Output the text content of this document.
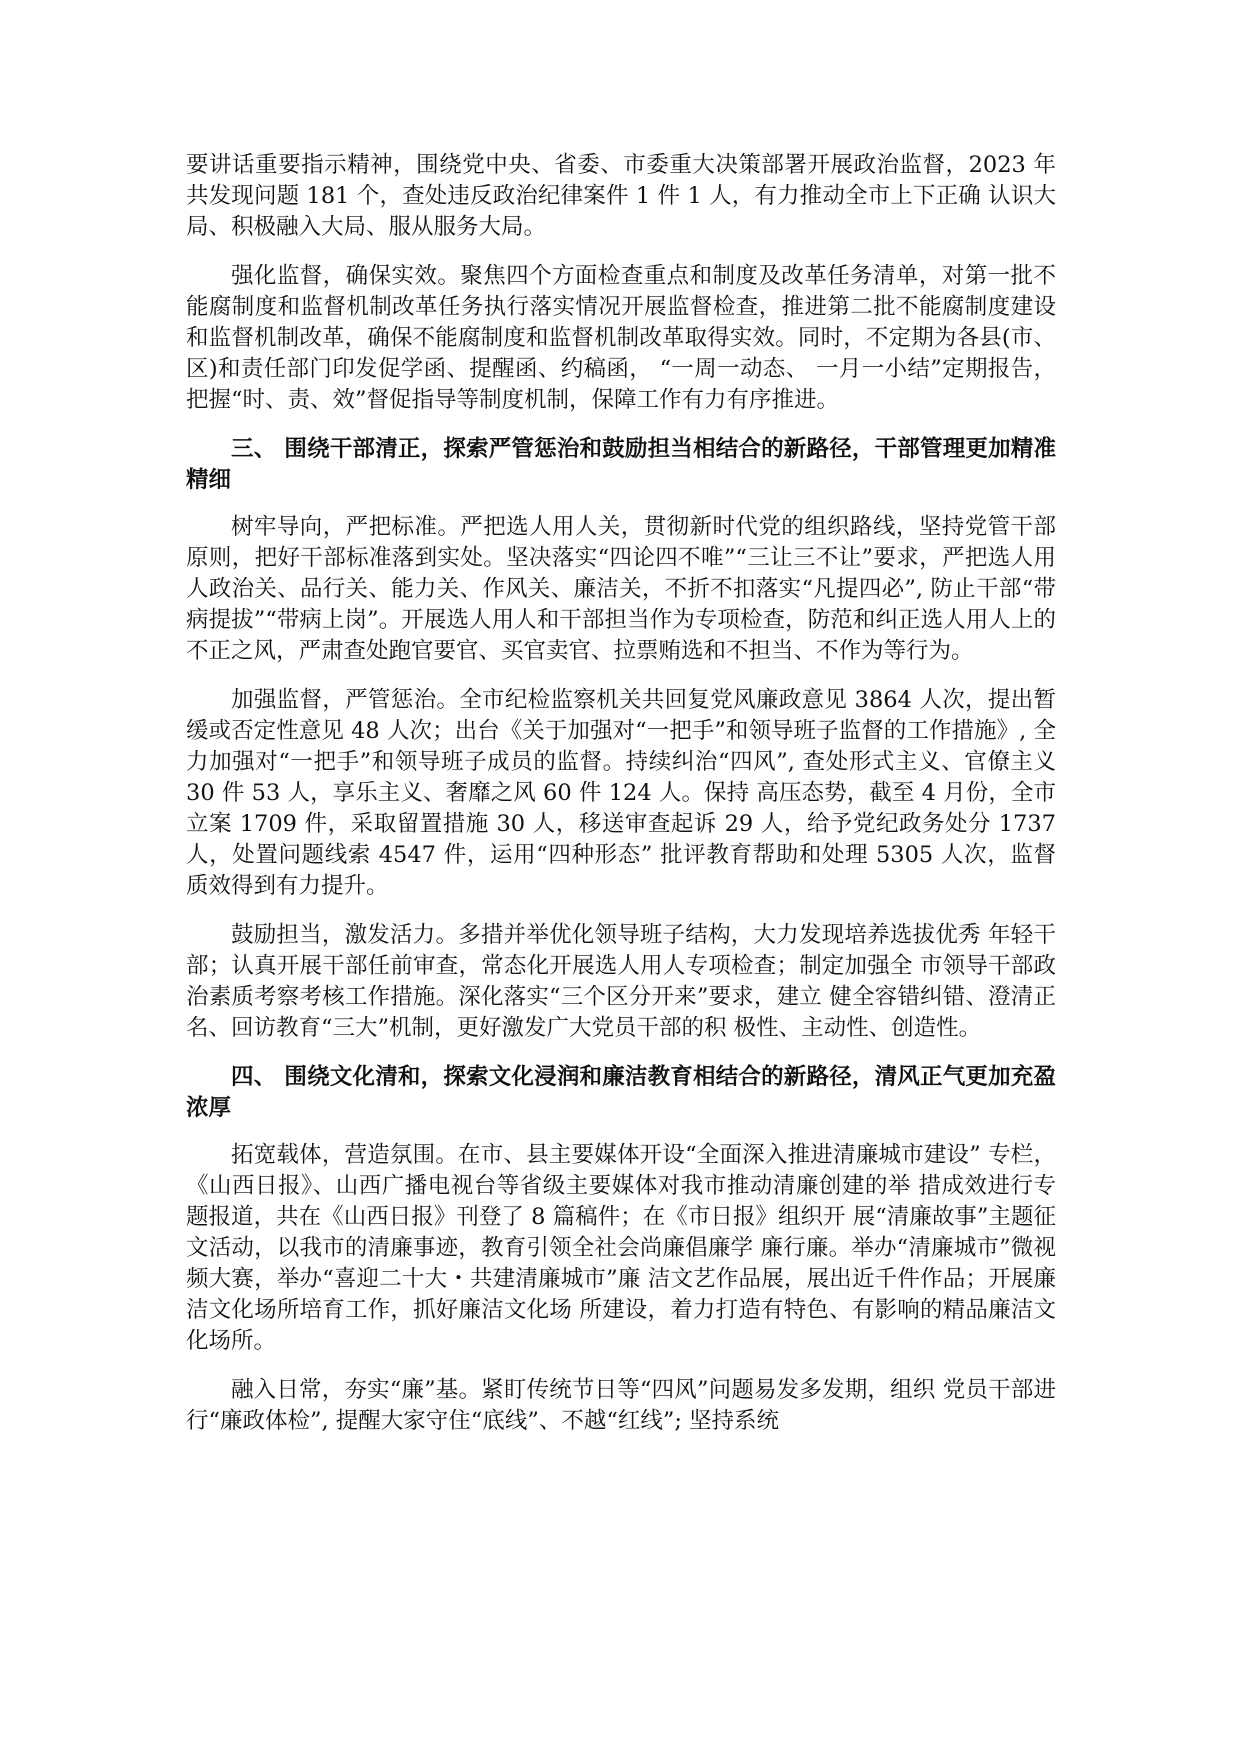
要讲话重要指示精神，围绕党中央、省委、市委重大决策部署开展政治监督，2023 年共发现问题 181 个，查处违反政治纪律案件 1 件 1 人，有力推动全市上下正确 认识大局、积极融入大局、服从服务大局。

强化监督，确保实效。聚焦四个方面检查重点和制度及改革任务清单，对第一批不能腐制度和监督机制改革任务执行落实情况开展监督检查，推进第二批不能腐制度建设和监督机制改革，确保不能腐制度和监督机制改革取得实效。同时，不定期为各县(市、区)和责任部门印发促学函、提醒函、约稿函， “一周一动态、 一月一小结”定期报告，把握“时、责、效”督促指导等制度机制，保障工作有力有序推进。

三、 围绕干部清正，探索严管惩治和鼓励担当相结合的新路径，干部管理更加精准精细

树牢导向，严把标准。严把选人用人关，贯彻新时代党的组织路线，坚持党管干部原则，把好干部标准落到实处。坚决落实“四论四不唯”“三让三不让”要求，严把选人用人政治关、品行关、能力关、作风关、廉洁关，不折不扣落实“凡提四必”, 防止干部“带病提拔”“带病上岗”。开展选人用人和干部担当作为专项检查，防范和纠正选人用人上的不正之风，严肃查处跑官要官、买官卖官、拉票贿选和不担当、不作为等行为。

加强监督，严管惩治。全市纪检监察机关共回复党风廉政意见 3864 人次，提出暂缓或否定性意见 48 人次；出台《关于加强对“一把手”和领导班子监督的工作措施》, 全力加强对“一把手”和领导班子成员的监督。持续纠治“四风”, 查处形式主义、官僚主义 30 件 53 人，享乐主义、奢靡之风 60 件 124 人。保持 高压态势，截至 4 月份，全市立案 1709 件，采取留置措施 30 人，移送审查起诉 29 人，给予党纪政务处分 1737 人，处置问题线索 4547 件，运用“四种形态” 批评教育帮助和处理 5305 人次，监督质效得到有力提升。

鼓励担当，激发活力。多措并举优化领导班子结构，大力发现培养选拔优秀 年轻干部；认真开展干部任前审查，常态化开展选人用人专项检查；制定加强全 市领导干部政治素质考察考核工作措施。深化落实“三个区分开来”要求，建立 健全容错纠错、澄清正名、回访教育“三大”机制，更好激发广大党员干部的积 极性、主动性、创造性。

四、 围绕文化清和，探索文化浸润和廉洁教育相结合的新路径，清风正气更加充盈浓厚

拓宽载体，营造氛围。在市、县主要媒体开设“全面深入推进清廉城市建设” 专栏， 《山西日报》、山西广播电视台等省级主要媒体对我市推动清廉创建的举 措成效进行专题报道，共在《山西日报》刊登了 8 篇稿件；在《市日报》组织开 展“清廉故事”主题征文活动，以我市的清廉事迹，教育引领全社会尚廉倡廉学 廉行廉。举办“清廉城市”微视频大赛，举办“喜迎二十大・共建清廉城市”廉 洁文艺作品展，展出近千件作品；开展廉洁文化场所培育工作，抓好廉洁文化场 所建设，着力打造有特色、有影响的精品廉洁文化场所。

融入日常，夯实“廉”基。紧盯传统节日等“四风”问题易发多发期，组织 党员干部进行“廉政体检”, 提醒大家守住“底线”、不越“红线”; 坚持系统
